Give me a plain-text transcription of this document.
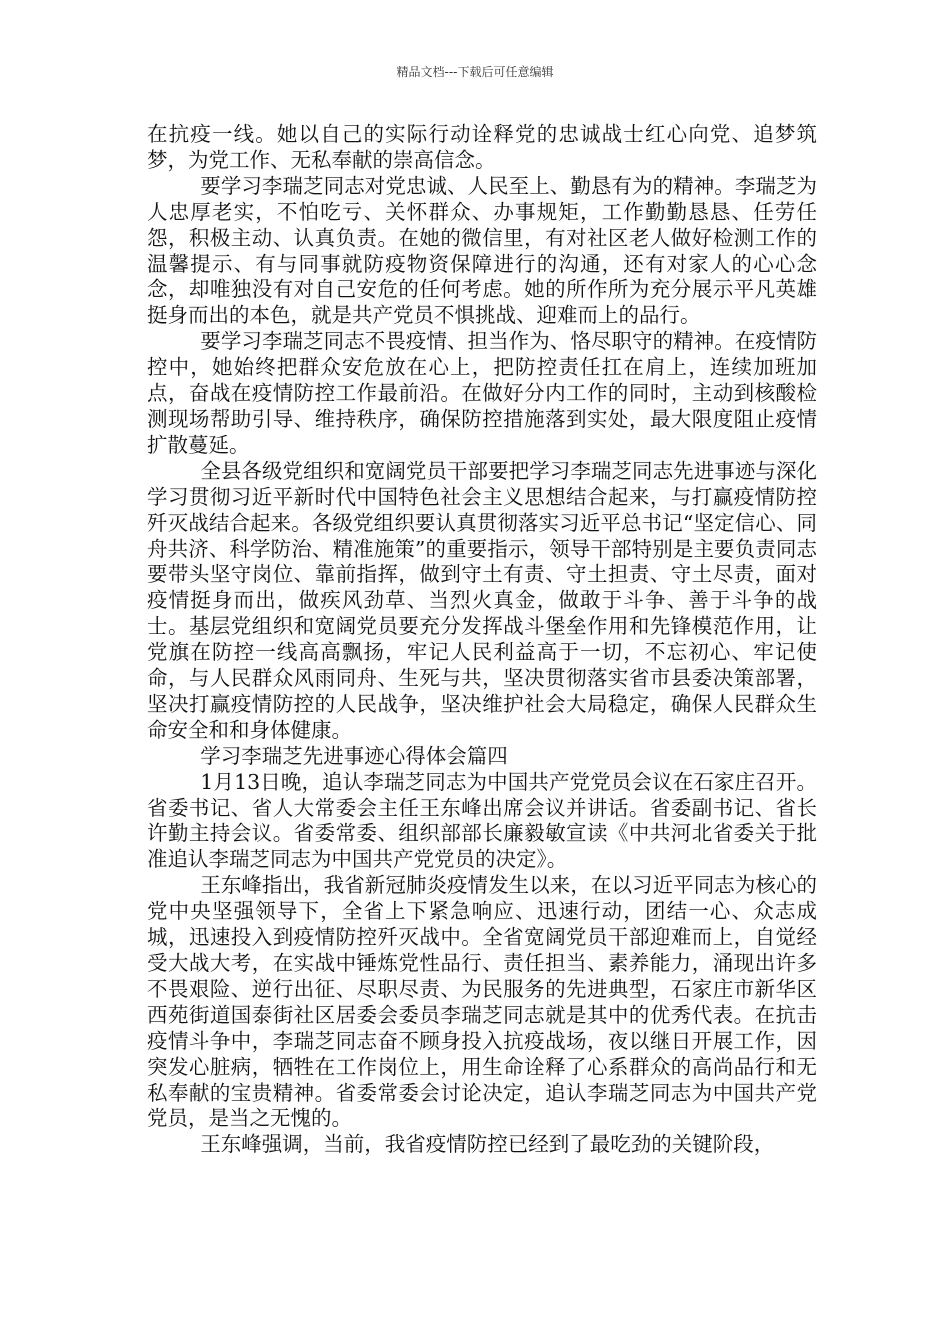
精品文档---下载后可任意编辑

在抗疫一线。她以自己的实际行动诠释党的忠诚战士红心向党、追梦筑梦，为党工作、无私奉献的崇高信念。

要学习李瑞芝同志对党忠诚、人民至上、勤恳有为的精神。李瑞芝为人忠厚老实，不怕吃亏、关怀群众、办事规矩，工作勤勤恳恳、任劳任怨，积极主动、认真负责。在她的微信里，有对社区老人做好检测工作的温馨提示、有与同事就防疫物资保障进行的沟通，还有对家人的心心念念，却唯独没有对自己安危的任何考虑。她的所作所为充分展示平凡英雄挺身而出的本色，就是共产党员不惧挑战、迎难而上的品行。

要学习李瑞芝同志不畏疫情、担当作为、恪尽职守的精神。在疫情防控中，她始终把群众安危放在心上，把防控责任扛在肩上，连续加班加点，奋战在疫情防控工作最前沿。在做好分内工作的同时，主动到核酸检测现场帮助引导、维持秩序，确保防控措施落到实处，最大限度阻止疫情扩散蔓延。

全县各级党组织和宽阔党员干部要把学习李瑞芝同志先进事迹与深化学习贯彻习近平新时代中国特色社会主义思想结合起来，与打赢疫情防控歼灭战结合起来。各级党组织要认真贯彻落实习近平总书记“坚定信心、同舟共济、科学防治、精准施策”的重要指示，领导干部特别是主要负责同志要带头坚守岗位、靠前指挥，做到守土有责、守土担责、守土尽责，面对疫情挺身而出，做疾风劲草、当烈火真金，做敢于斗争、善于斗争的战士。基层党组织和宽阔党员要充分发挥战斗堡垒作用和先锋模范作用，让党旗在防控一线高高飘扬，牢记人民利益高于一切，不忘初心、牢记使命，与人民群众风雨同舟、生死与共，坚决贯彻落实省市县委决策部署，坚决打赢疫情防控的人民战争，坚决维护社会大局稳定，确保人民群众生命安全和和身体健康。

学习李瑞芝先进事迹心得体会篇四

1月13日晚，追认李瑞芝同志为中国共产党党员会议在石家庄召开。省委书记、省人大常委会主任王东峰出席会议并讲话。省委副书记、省长许勤主持会议。省委常委、组织部部长廉毅敏宣读《中共河北省委关于批准追认李瑞芝同志为中国共产党党员的决定》。

王东峰指出，我省新冠肺炎疫情发生以来，在以习近平同志为核心的党中央坚强领导下，全省上下紧急响应、迅速行动，团结一心、众志成城，迅速投入到疫情防控歼灭战中。全省宽阔党员干部迎难而上，自觉经受大战大考，在实战中锤炼党性品行、责任担当、素养能力，涌现出许多不畏艰险、逆行出征、尽职尽责、为民服务的先进典型，石家庄市新华区西苑街道国泰街社区居委会委员李瑞芝同志就是其中的优秀代表。在抗击疫情斗争中，李瑞芝同志奋不顾身投入抗疫战场，夜以继日开展工作，因突发心脏病，牺牲在工作岗位上，用生命诠释了心系群众的高尚品行和无私奉献的宝贵精神。省委常委会讨论决定，追认李瑞芝同志为中国共产党党员，是当之无愧的。

王东峰强调，当前，我省疫情防控已经到了最吃劲的关键阶段，
